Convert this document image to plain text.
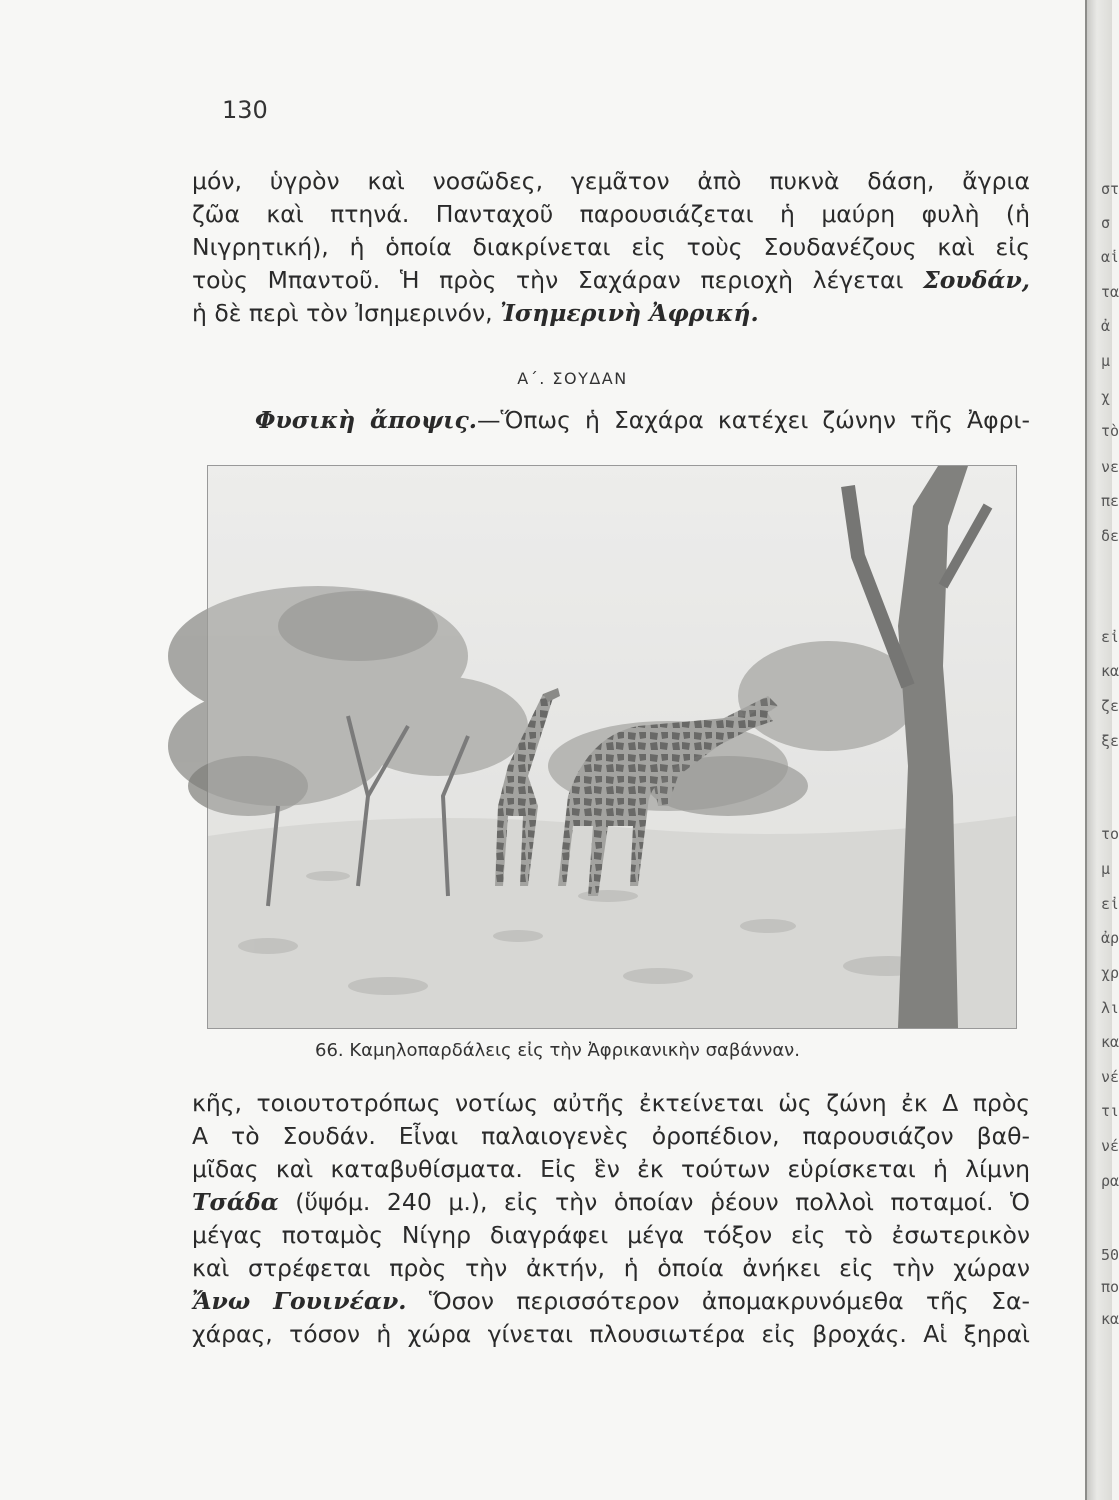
130
μόν, ὑγρὸν καὶ νοσῶδες, γεμᾶτον ἀπὸ πυκνὰ δάση, ἄγρια
ζῶα καὶ πτηνά. Πανταχοῦ παρουσιάζεται ἡ μαύρη φυλὴ (ἡ
Νιγρητική), ἡ ὁποία διακρίνεται εἰς τοὺς Σουδανέζους καὶ εἰς
τοὺς Μπαντοῦ. Ἡ πρὸς τὴν Σαχάραν περιοχὴ λέγεται Σουδάν,
ἡ δὲ περὶ τὸν Ἰσημερινόν, Ἰσημερινὴ Ἀφρική.
Α΄. ΣΟΥΔΑΝ
Φυσικὴ ἄποψις.—Ὅπως ἡ Σαχάρα κατέχει ζώνην τῆς Ἀφρι-
66. Καμηλοπαρδάλεις εἰς τὴν Ἀφρικανικὴν σαβάνναν.
κῆς, τοιουτοτρόπως νοτίως αὐτῆς ἐκτείνεται ὡς ζώνη ἐκ Δ πρὸς
Α τὸ Σουδάν. Εἶναι παλαιογενὲς ὀροπέδιον, παρουσιάζον βαθ-
μῖδας καὶ καταβυθίσματα. Εἰς ἓν ἐκ τούτων εὑρίσκεται ἡ λίμνη
Τσάδα (ὕψόμ. 240 μ.), εἰς τὴν ὁποίαν ῥέουν πολλοὶ ποταμοί. Ὁ
μέγας ποταμὸς Νίγηρ διαγράφει μέγα τόξον εἰς τὸ ἐσωτερικὸν
καὶ στρέφεται πρὸς τὴν ἀκτήν, ἡ ὁποία ἀνήκει εἰς τὴν χώραν
Ἄνω Γουινέαν. Ὅσον περισσότερον ἀπομακρυνόμεθα τῆς Σα-
χάρας, τόσον ἡ χώρα γίνεται πλουσιωτέρα εἰς βροχάς. Αἱ ξηραὶ
στ
σ
αἱ
τα
ἀ
μ
χ
τὸ
νε
πε
δε
εἰ
κα
ζε
ξε
το
μ
εἰ
ἀρ
χρ
λι
κα
νέ
τι
νέ
ρα
50
πο
κα
